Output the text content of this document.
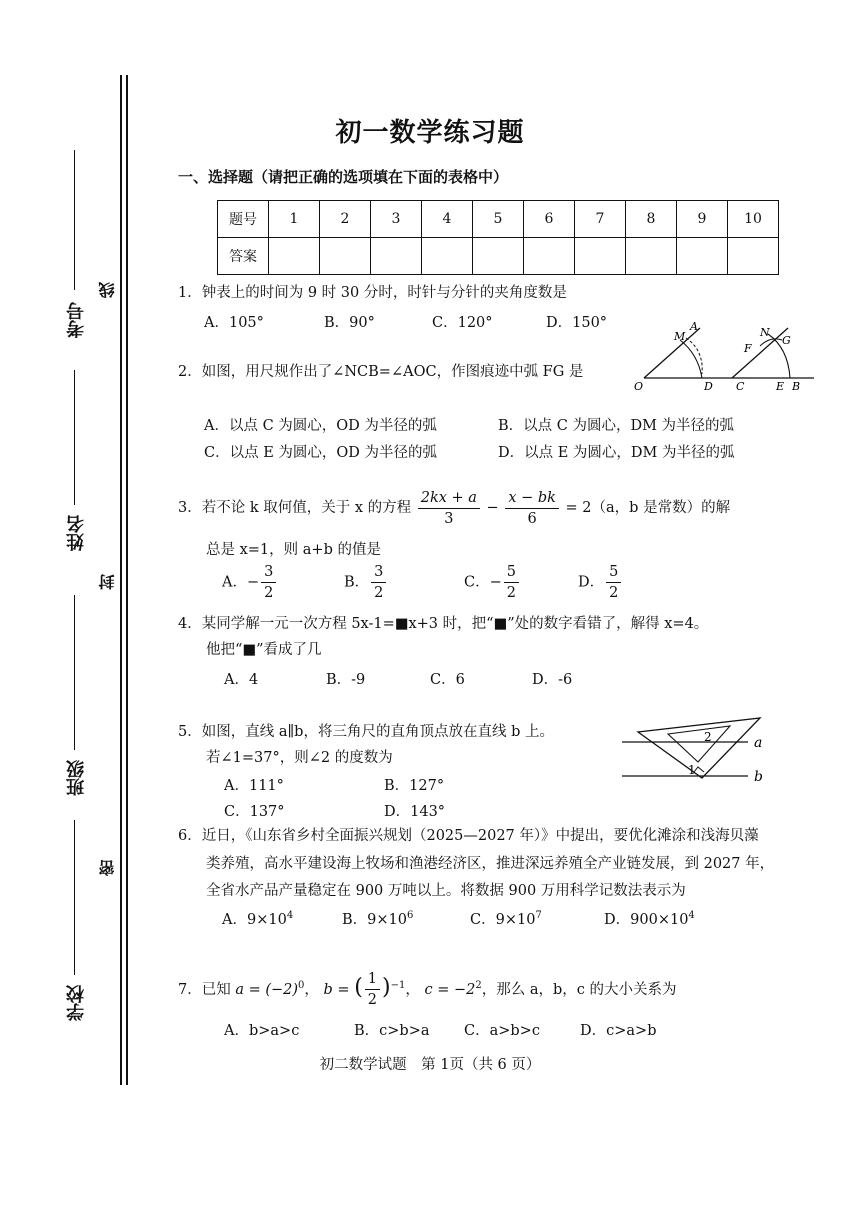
考号
姓名
班级
学校
线
封
密
初一数学练习题
一、选择题（请把正确的选项填在下面的表格中）
题号	1	2	3	4	5	6	7	8	9	10
答案										
1．钟表上的时间为 9 时 30 分时，时针与分针的夹角度数是
A．105°	B．90°	C．120°	D．150°	A
M	N
G
F
O	D C	E B
2．如图，用尺规作出了∠NCB=∠AOC，作图痕迹中弧 FG 是
A．以点 C 为圆心，OD 为半径的弧	B．以点 C 为圆心，DM 为半径的弧
C．以点 E 为圆心，OD 为半径的弧	D．以点 E 为圆心，DM 为半径的弧
3．若不论 k 取何值，关于 x 的方程 $\frac{2kx + a}{3} - \frac{x - bk}{6} = 2(a$，b 是常数）的解
总是 x=1，则 a+b 的值是
A．− $\frac{3}{2}$	B． $\frac{3}{2}$	C．− $\frac{5}{2}$	D． $\frac{5}{2}$
4．某同学解一元一次方程 5x-1=■x+3 时，把“■”处的数字看错了，解得 x=4。
他把“■”看成了几
A．4	B．-9	C．6	D．-6
a
b
1
2
5．如图，直线 a∥b，将三角尺的直角顶点放在直线 b 上。
若∠1=37°，则∠2 的度数为
A．111°	B．127°
C．137°	D．143°
6．近日，《山东省乡村全面振兴规划（2025—2027 年）》中提出，要优化滩涂和浅海贝藻
类养殖，高水平建设海上牧场和渔港经济区，推进深远养殖全产业链发展，到 2027 年，
全省水产品产量稳定在 900 万吨以上。将数据 900 万用科学记数法表示为
A．$9\times 10^4$	B．$9\times 10^6$	C．$9\times 10^7$	D．$900\times 10^4$
7．已知 $a = (-2)^0$， b = ( $\frac{1}{2} )^{-1}$， $c = -2^2$，那么 a，b，c 的大小关系为
A．b>a>c	B．c>b>a C．a>b>c	D．c>a>b
初二数学试题　第 1页（共 6 页）
